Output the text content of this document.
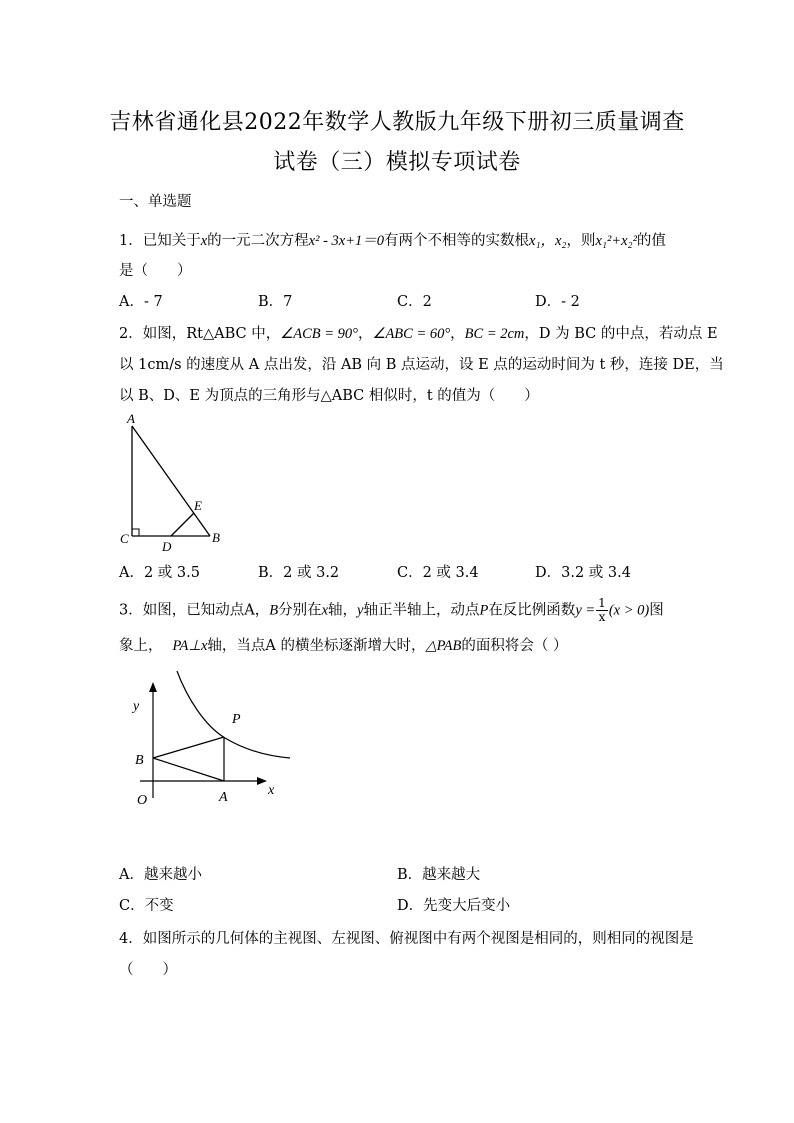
吉林省通化县2022年数学人教版九年级下册初三质量调查
试卷（三）模拟专项试卷
一、单选题
1．已知关于x的一元二次方程x² - 3x+1＝0有两个不相等的实数根x₁，x₂，则x₁²+x₂²的值
是（　　）
A．- 7	B．7	C．2	D．- 2
2．如图，Rt△ABC 中，∠ACB = 90°，∠ABC = 60°，BC = 2cm，D 为 BC 的中点，若动点 E
以 1cm/s 的速度从 A 点出发，沿 AB 向 B 点运动，设 E 点的运动时间为 t 秒，连接 DE，当
以 B、D、E 为顶点的三角形与△ABC 相似时，t 的值为（　　）
A
C
D
B
E
A．2 或 3.5	B．2 或 3.2	C．2 或 3.4	D．3.2 或 3.4
3．如图，已知动点A，B分别在x轴，y轴正半轴上，动点P在反比例函数$y = \frac{1}{x} (x > 0)$图
象上， PA⊥x轴，当点A 的横坐标逐渐增大时，△PAB的面积将会（ ）
y
P
B
O	A	x
A．越来越小	B．越来越大
C．不变	D．先变大后变小
4．如图所示的几何体的主视图、左视图、俯视图中有两个视图是相同的，则相同的视图是
（　　）
